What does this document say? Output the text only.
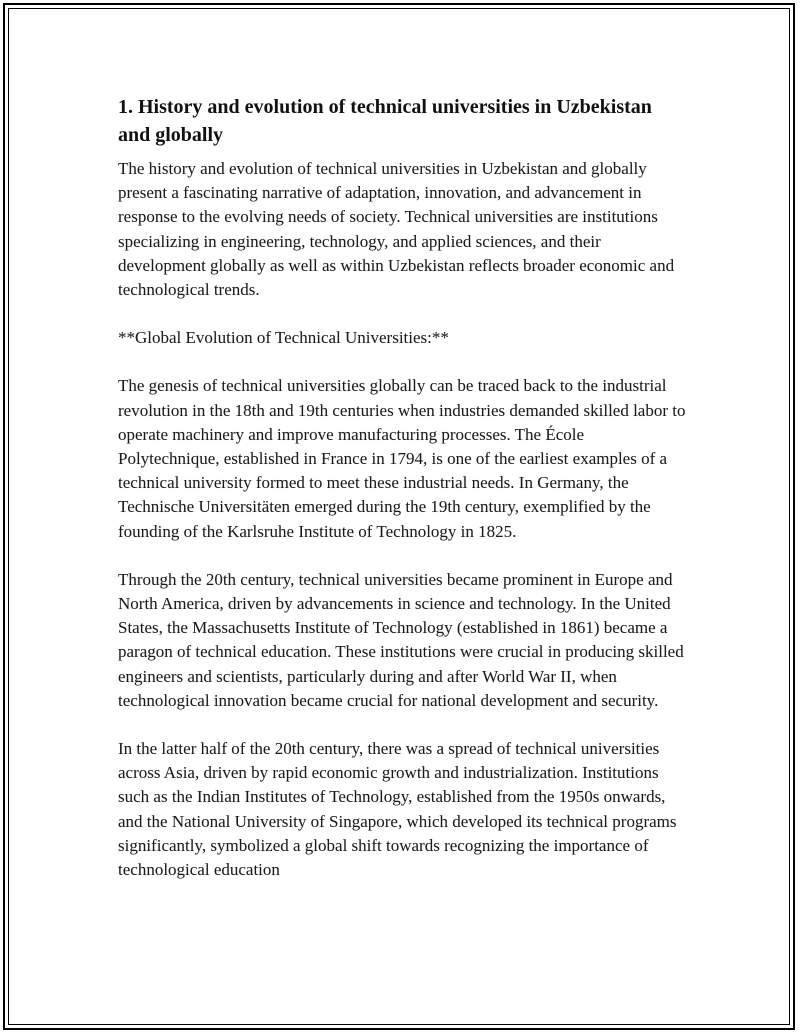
1. History and evolution of technical universities in Uzbekistan and globally

The history and evolution of technical universities in Uzbekistan and globally present a fascinating narrative of adaptation, innovation, and advancement in response to the evolving needs of society. Technical universities are institutions specializing in engineering, technology, and applied sciences, and their development globally as well as within Uzbekistan reflects broader economic and technological trends.

**Global Evolution of Technical Universities:**

The genesis of technical universities globally can be traced back to the industrial revolution in the 18th and 19th centuries when industries demanded skilled labor to operate machinery and improve manufacturing processes. The École Polytechnique, established in France in 1794, is one of the earliest examples of a technical university formed to meet these industrial needs. In Germany, the Technische Universitäten emerged during the 19th century, exemplified by the founding of the Karlsruhe Institute of Technology in 1825.

Through the 20th century, technical universities became prominent in Europe and North America, driven by advancements in science and technology. In the United States, the Massachusetts Institute of Technology (established in 1861) became a paragon of technical education. These institutions were crucial in producing skilled engineers and scientists, particularly during and after World War II, when technological innovation became crucial for national development and security.

In the latter half of the 20th century, there was a spread of technical universities across Asia, driven by rapid economic growth and industrialization. Institutions such as the Indian Institutes of Technology, established from the 1950s onwards, and the National University of Singapore, which developed its technical programs significantly, symbolized a global shift towards recognizing the importance of technological education
